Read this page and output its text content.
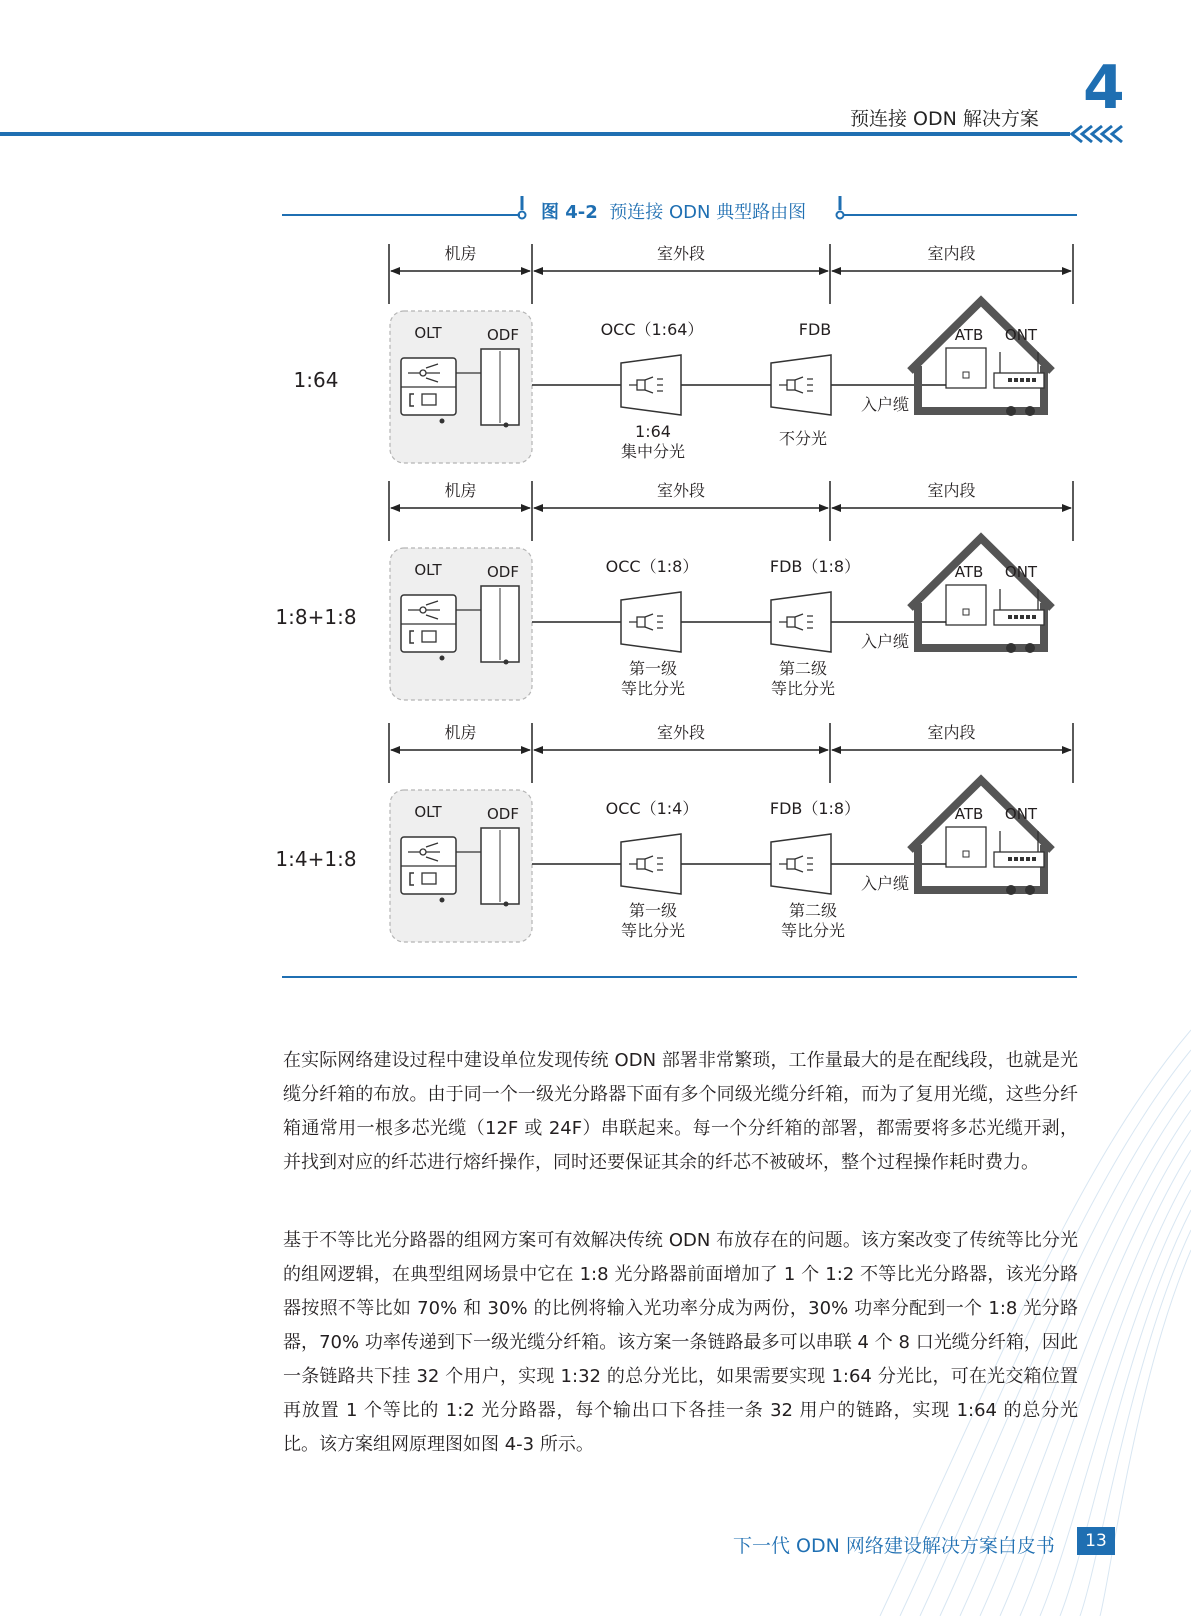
4
预连接 ODN 解决方案
图 4-2 预连接 ODN 典型路由图
机房	室外段	室内段
1:64
OLT	ODF	OCC（1:64）
1:64
集中分光
FDB
不分光
入户缆
ATB ONT
机房	室外段	室内段
1:8+1:8
OLT	ODF	OCC（1:8）
第一级
等比分光
FDB（1:8）
第二级
等比分光
入户缆
ATB ONT
机房	室外段	室内段
1:4+1:8
OLT	ODF	OCC（1:4）
第一级
等比分光
FDB（1:8）
第二级
等比分光
入户缆
ATB ONT

在实际网络建设过程中建设单位发现传统 ODN 部署非常繁琐，工作量最大的是在配线段，也就是光缆分纤箱的布放。由于同一个一级光分路器下面有多个同级光缆分纤箱，而为了复用光缆，这些分纤箱通常用一根多芯光缆（12F 或 24F）串联起来。每一个分纤箱的部署，都需要将多芯光缆开剥，并找到对应的纤芯进行熔纤操作，同时还要保证其余的纤芯不被破坏，整个过程操作耗时费力。

基于不等比光分路器的组网方案可有效解决传统 ODN 布放存在的问题。该方案改变了传统等比分光的组网逻辑，在典型组网场景中它在 1:8 光分路器前面增加了 1 个 1:2 不等比光分路器，该光分路器按照不等比如 70% 和 30% 的比例将输入光功率分成为两份，30% 功率分配到一个 1:8 光分路器，70% 功率传递到下一级光缆分纤箱。该方案一条链路最多可以串联 4 个 8 口光缆分纤箱，因此一条链路共下挂 32 个用户，实现 1:32 的总分光比，如果需要实现 1:64 分光比，可在光交箱位置再放置 1 个等比的 1:2 光分路器，每个输出口下各挂一条 32 用户的链路，实现 1:64 的总分光比。该方案组网原理图如图 4-3 所示。

下一代 ODN 网络建设解决方案白皮书	13
